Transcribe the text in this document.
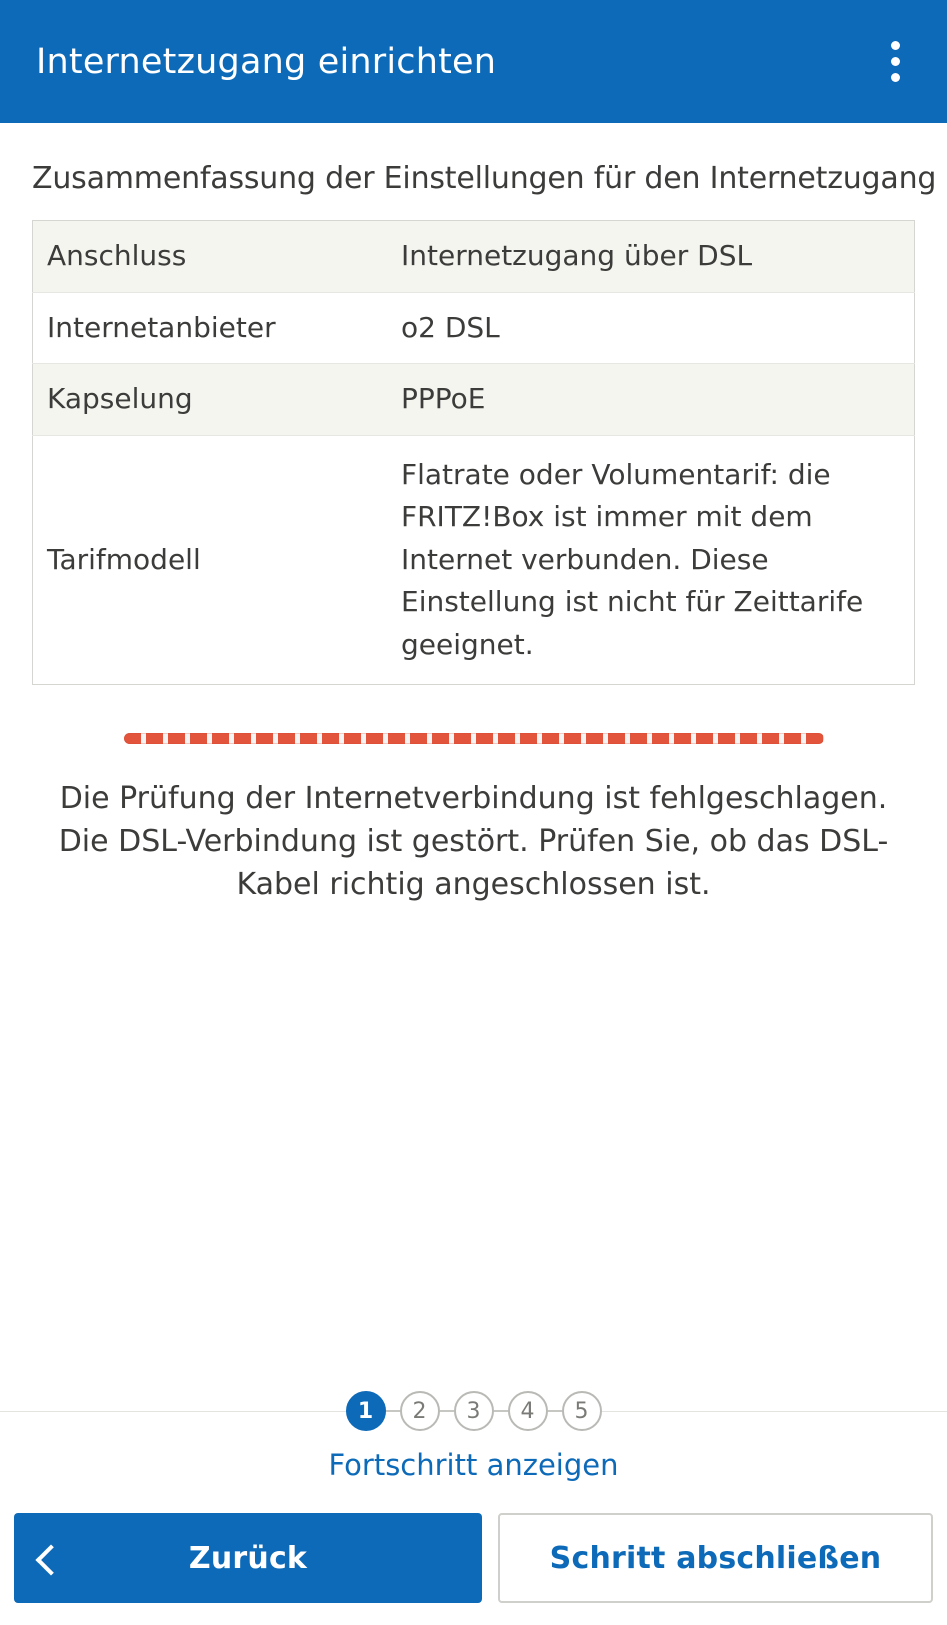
Internetzugang einrichten
Zusammenfassung der Einstellungen für den Internetzugang
Anschluss	Internetzugang über DSL
Internetanbieter	o2 DSL
Kapselung	PPPoE
Tarifmodell	Flatrate oder Volumentarif: die FRITZ!Box ist immer mit dem Internet verbunden. Diese Einstellung ist nicht für Zeittarife geeignet.
Die Prüfung der Internetverbindung ist fehlgeschlagen. Die DSL-Verbindung ist gestört. Prüfen Sie, ob das DSL-Kabel richtig angeschlossen ist.
1	2	3	4	5
Fortschritt anzeigen
Zurück	Schritt abschließen
